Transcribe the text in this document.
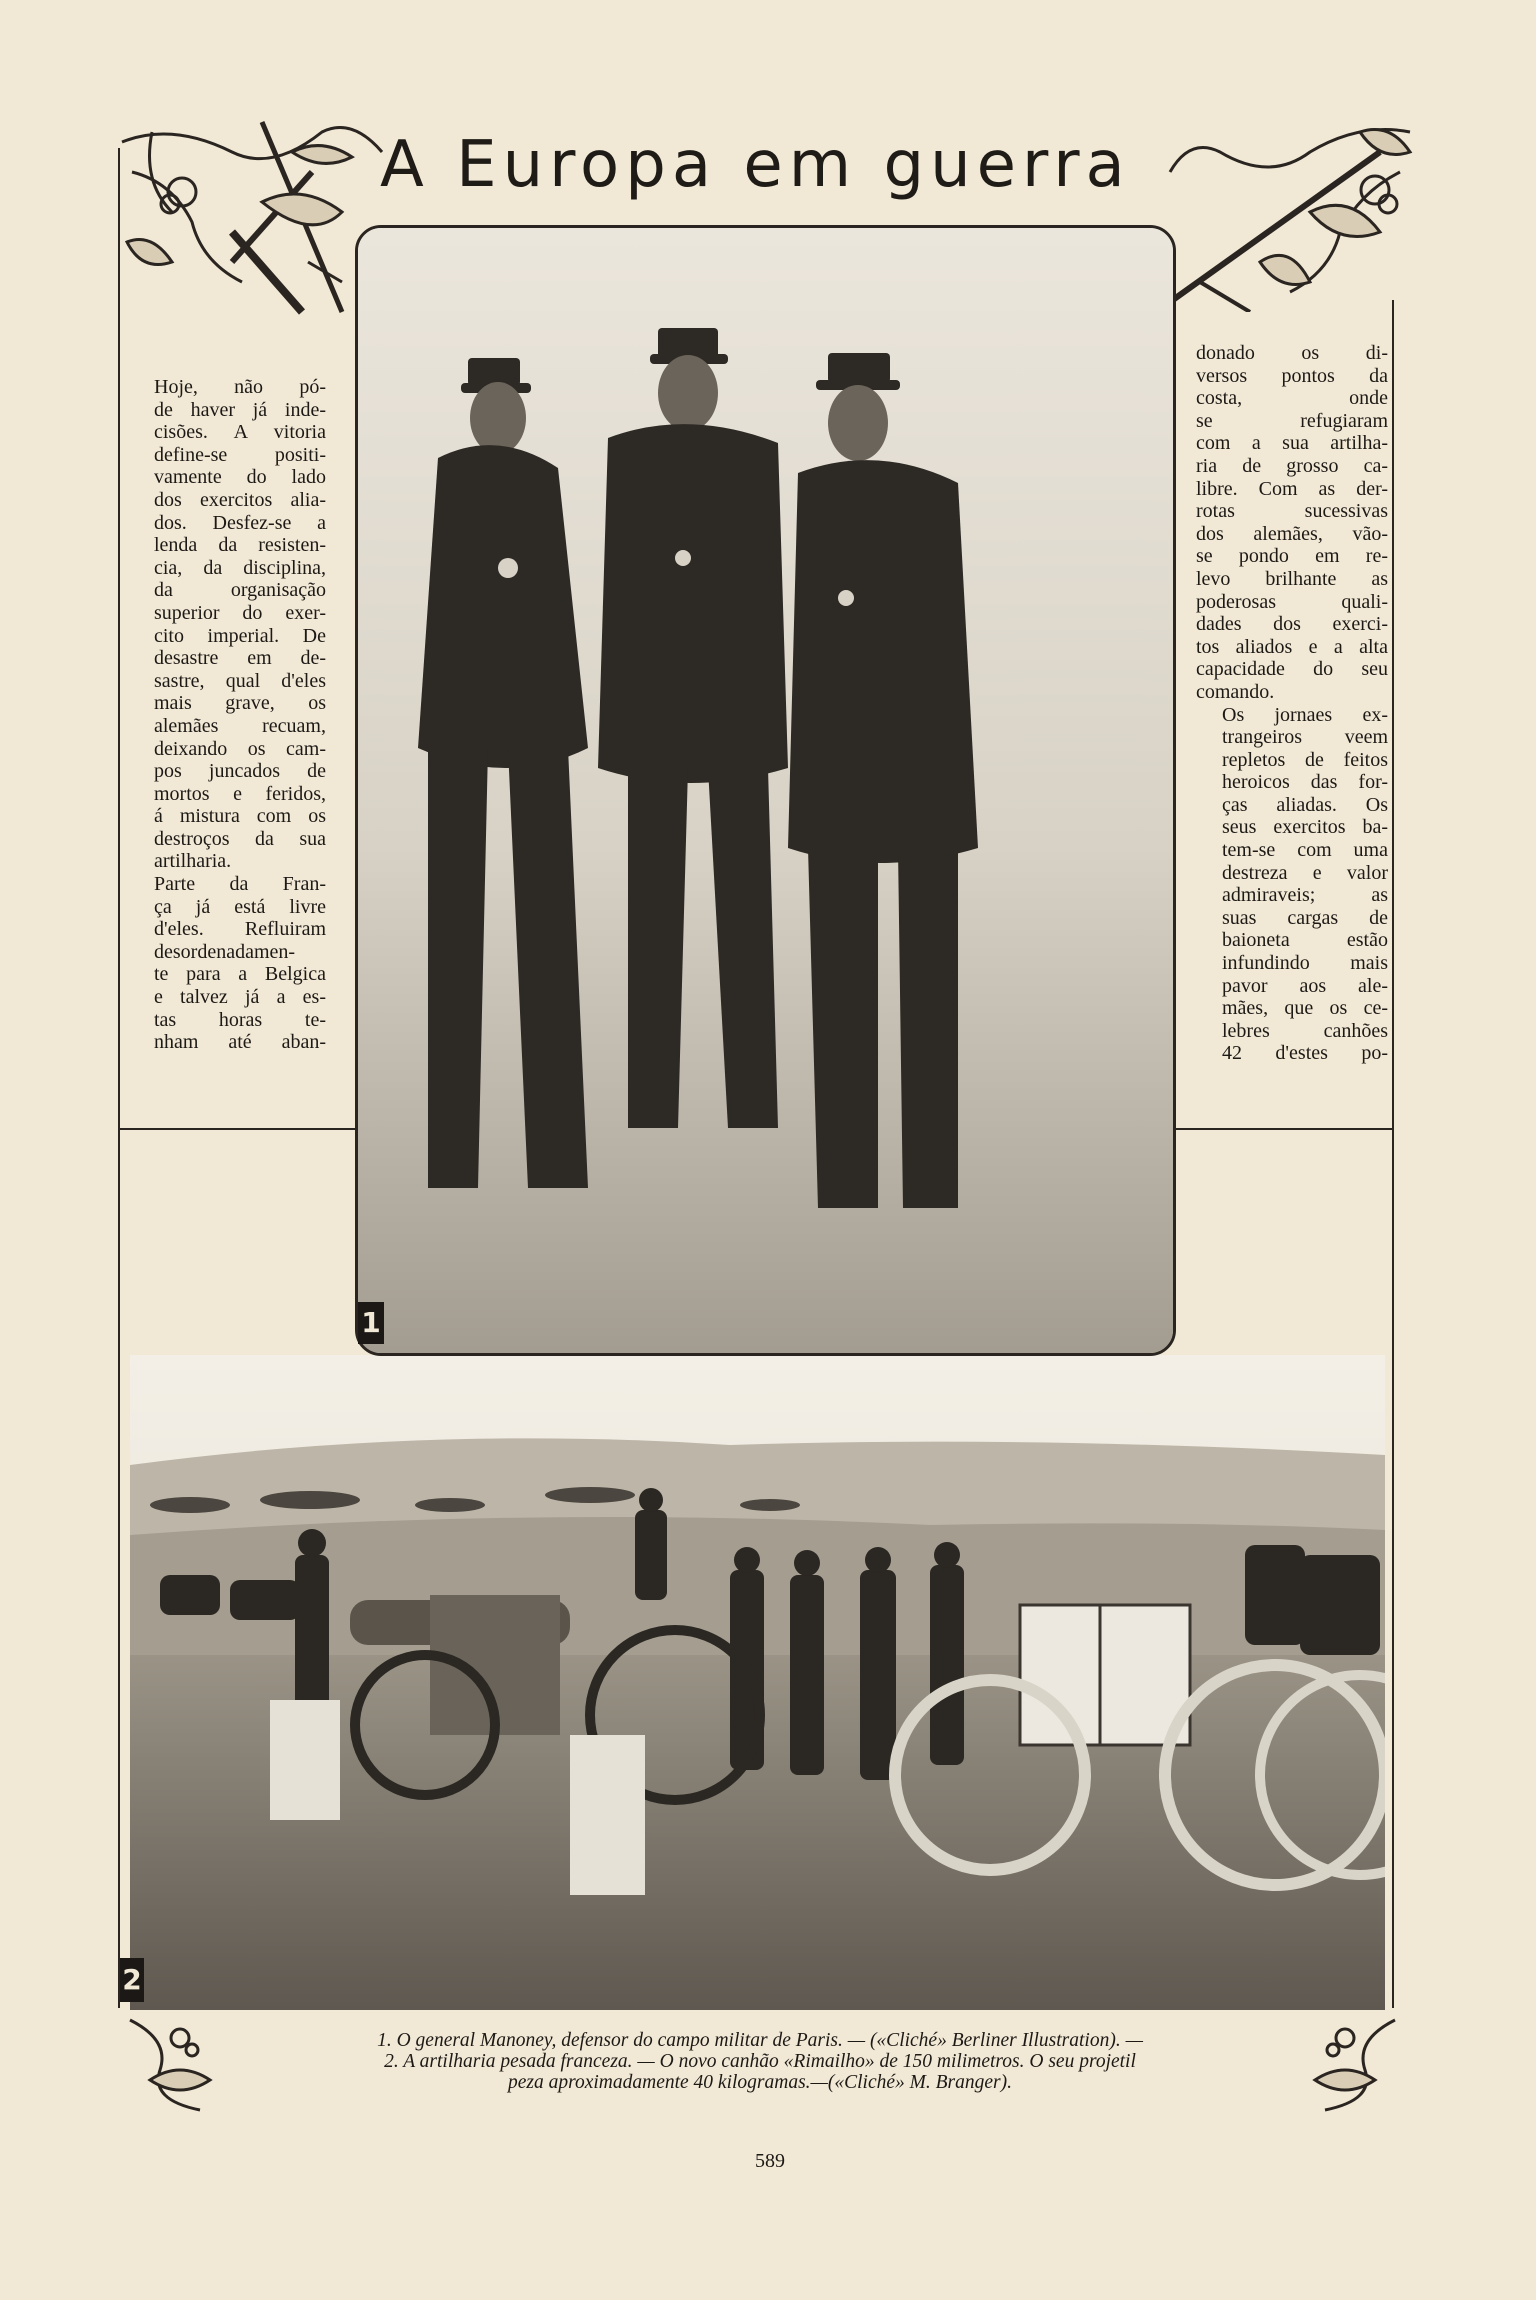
A Europa em guerra

Hoje, não pó-
de haver já inde-
cisões. A vitoria
define-se positi-
vamente do lado
dos exercitos alia-
dos. Desfez-se a
lenda da resisten-
cia, da disciplina,
da organisação
superior do exer-
cito imperial. De
desastre em de-
sastre, qual d'eles
mais grave, os
alemães recuam,
deixando os cam-
pos juncados de
mortos e feridos,
á mistura com os
destroços da sua
artilharia.

Parte da Fran-
ça já está livre
d'eles. Refluiram
desordenadamen-
te para a Belgica
e talvez já a es-
tas horas te-
nham até aban-

donado os di-
versos pontos da
costa, onde
se refugiaram
com a sua artilha-
ria de grosso ca-
libre. Com as der-
rotas sucessivas
dos alemães, vão-
se pondo em re-
levo brilhante as
poderosas quali-
dades dos exerci-
tos aliados e a alta
capacidade do seu
comando.

Os jornaes ex-
trangeiros veem
repletos de feitos
heroicos das for-
ças aliadas. Os
seus exercitos ba-
tem-se com uma
destreza e valor
admiraveis; as
suas cargas de
baioneta estão
infundindo mais
pavor aos ale-
mães, que os ce-
lebres canhões
42 d'estes po-

1
2
1. O general Manoney, defensor do campo militar de Paris. — («Cliché» Berliner Illustration). —
2. A artilharia pesada franceza. — O novo canhão «Rimailho» de 150 milimetros. O seu projetil
peza aproximadamente 40 kilogramas.—(«Cliché» M. Branger).
589
